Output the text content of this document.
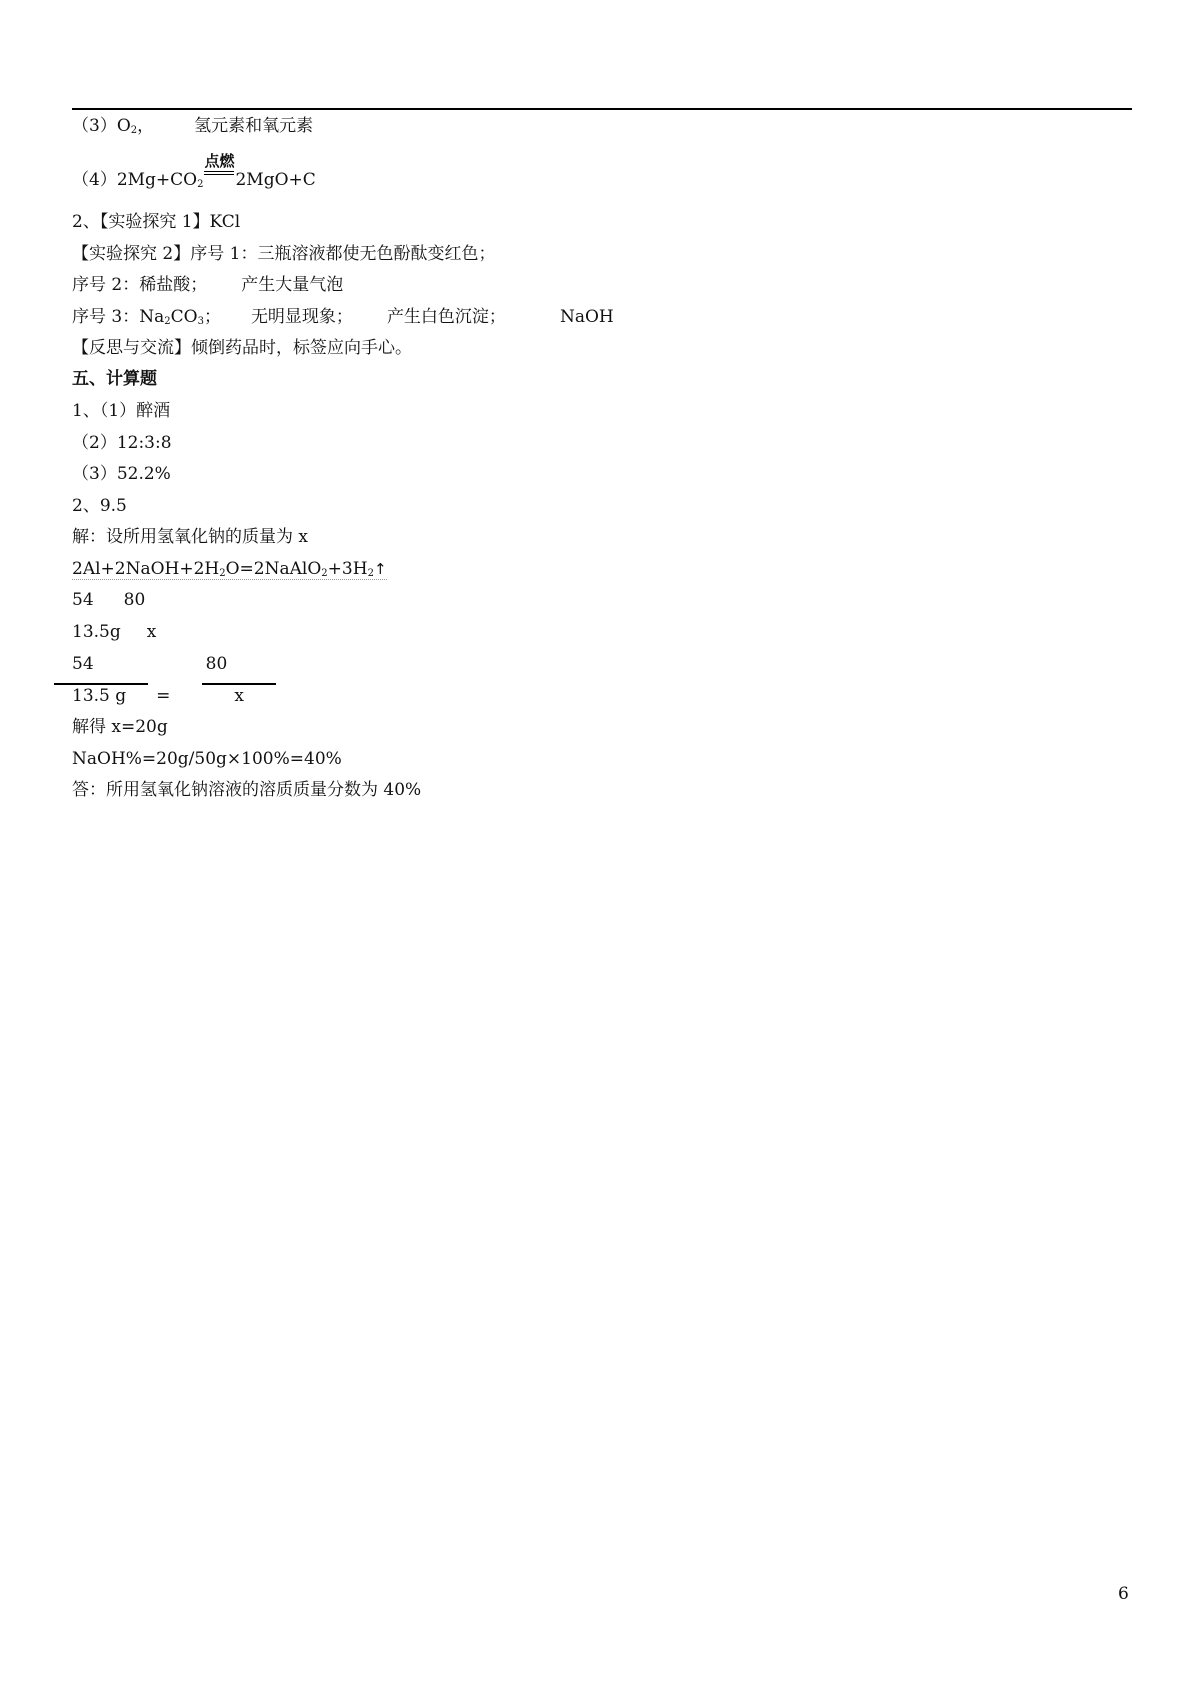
$(3)O_2$， 氢元素和氧元素
$(4)2Mg+CO_2$
点燃
2MgO+C
2、【实验探究 1】KCl
【实验探究 2】序号 1：三瓶溶液都使无色酚酞变红色；
序号 2：稀盐酸； 产生大量气泡
序号 3：$Na_2CO_3$； 无明显现象； 产生白色沉淀；	NaOH
【反思与交流】倾倒药品时，标签应向手心。
五、计算题
1、（1）醉酒
（2）12:3:8
（3）52.2%
2、9.5
解：设所用氢氧化钠的质量为 x
$2Al+2NaOH+2H_2O=2NaAlO_2+3H_2↑$
54 80
13.5g x
54	80
13.5 g =	x
解得 x=20g
NaOH%=20g/50g×100%=40%
答：所用氢氧化钠溶液的溶质质量分数为 40%
6
